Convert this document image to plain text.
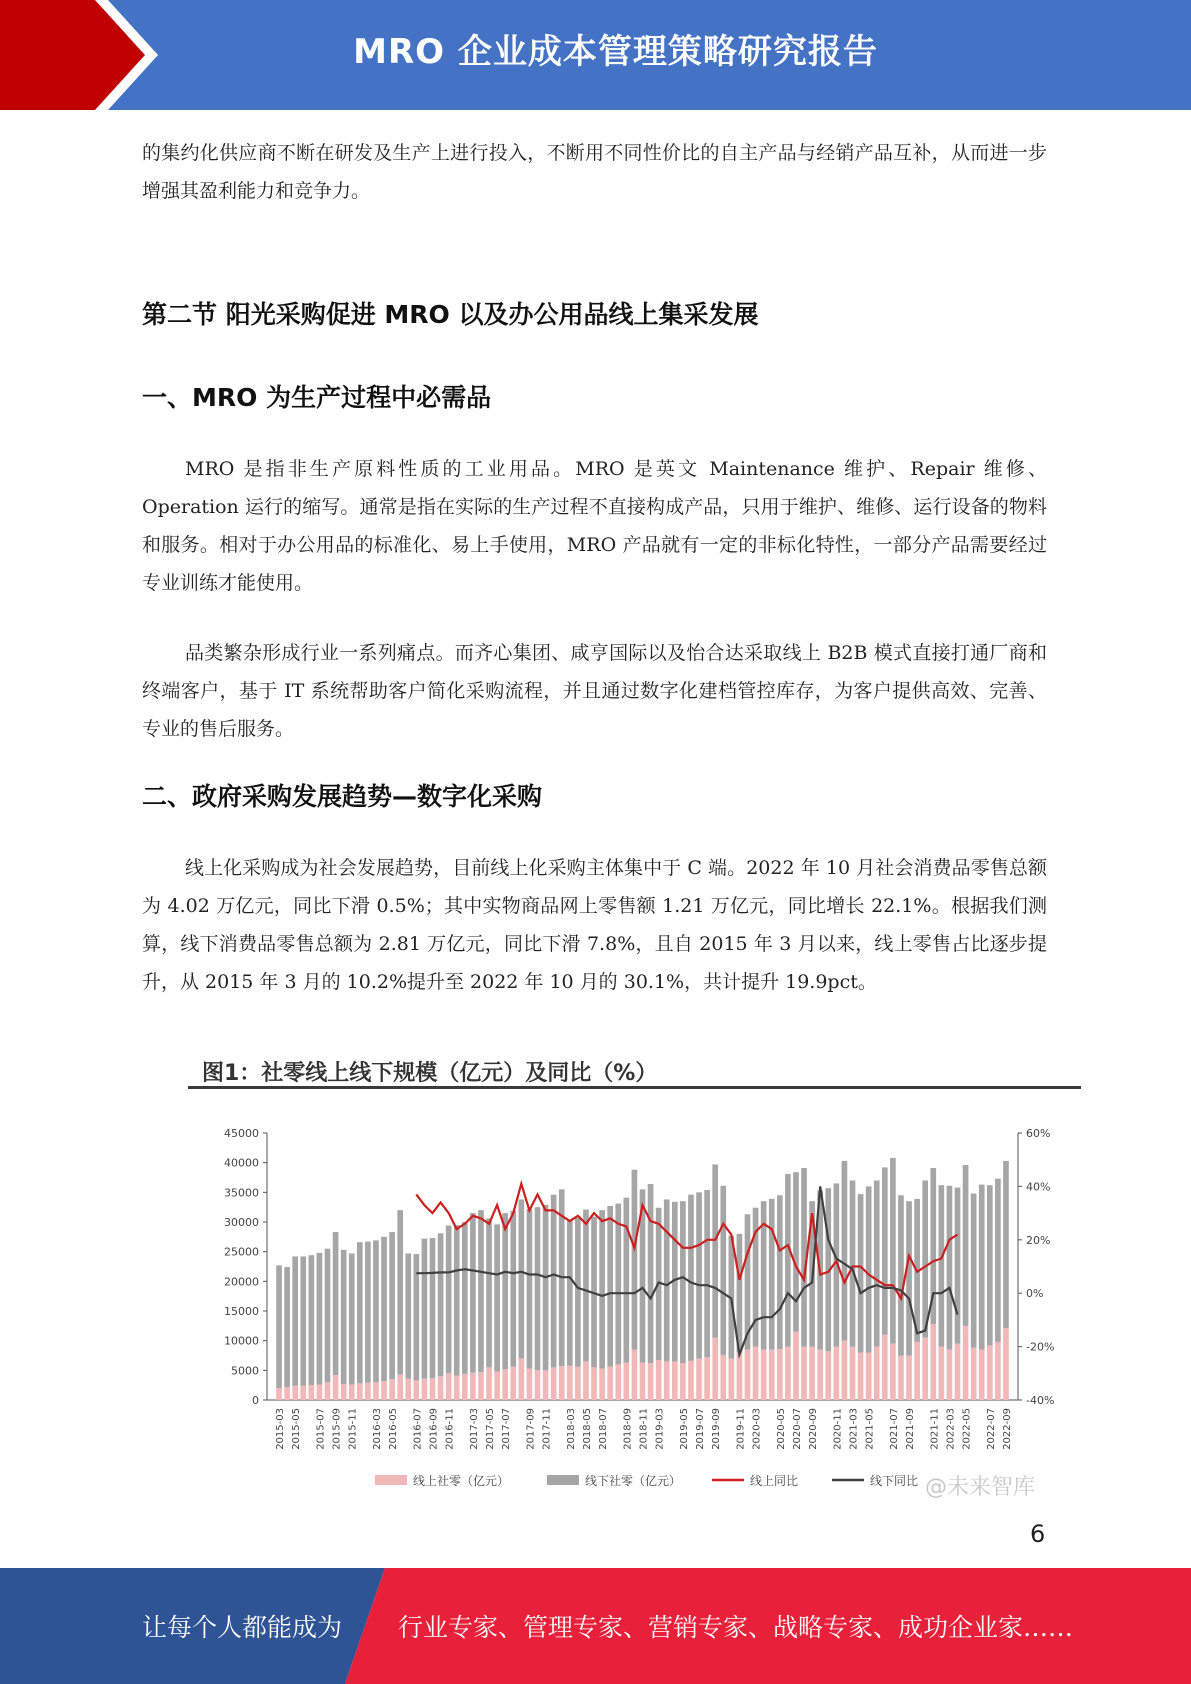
MRO 企业成本管理策略研究报告

的集约化供应商不断在研发及生产上进行投入，不断用不同性价比的自主产品与经销产品互补，从而进一步增强其盈利能力和竞争力。

第二节 阳光采购促进 MRO 以及办公用品线上集采发展
一、MRO 为生产过程中必需品

MRO 是指非生产原料性质的工业用品。MRO 是英文 Maintenance 维护、Repair 维修、Operation 运行的缩写。通常是指在实际的生产过程不直接构成产品，只用于维护、维修、运行设备的物料和服务。相对于办公用品的标准化、易上手使用，MRO 产品就有一定的非标化特性，一部分产品需要经过专业训练才能使用。

品类繁杂形成行业一系列痛点。而齐心集团、咸亨国际以及怡合达采取线上 B2B 模式直接打通厂商和终端客户，基于 IT 系统帮助客户简化采购流程，并且通过数字化建档管控库存，为客户提供高效、完善、专业的售后服务。

二、政府采购发展趋势—数字化采购

线上化采购成为社会发展趋势，目前线上化采购主体集中于 C 端。2022 年 10 月社会消费品零售总额为 4.02 万亿元，同比下滑 0.5%；其中实物商品网上零售额 1.21 万亿元，同比增长 22.1%。根据我们测算，线下消费品零售总额为 2.81 万亿元，同比下滑 7.8%，且自 2015 年 3 月以来，线上零售占比逐步提升，从 2015 年 3 月的 10.2%提升至 2022 年 10 月的 30.1%，共计提升 19.9pct。

图1：社零线上线下规模（亿元）及同比（%）
0
5000
10000
15000
20000
25000
30000
35000
40000
45000
-40%
-20%
0%
20%
40%
60%
2015-03 2015-05 2015-07 2015-09 2015-11 2016-03 2016-05 2016-07 2016-09 2016-11 2017-03 2017-05 2017-07 2017-09 2017-11 2018-03 2018-05 2018-07 2018-09 2018-11 2019-03 2019-05 2019-07 2019-09 2019-11 2020-03 2020-05 2020-07 2020-09 2020-11 2021-03 2021-05 2021-07 2021-09 2021-11 2022-03 2022-05 2022-07 2022-09
线上社零（亿元）	线下社零（亿元）	线上同比	线下同比 @未来智库
6
让每个人都能成为 行业专家、管理专家、营销专家、战略专家、成功企业家……
